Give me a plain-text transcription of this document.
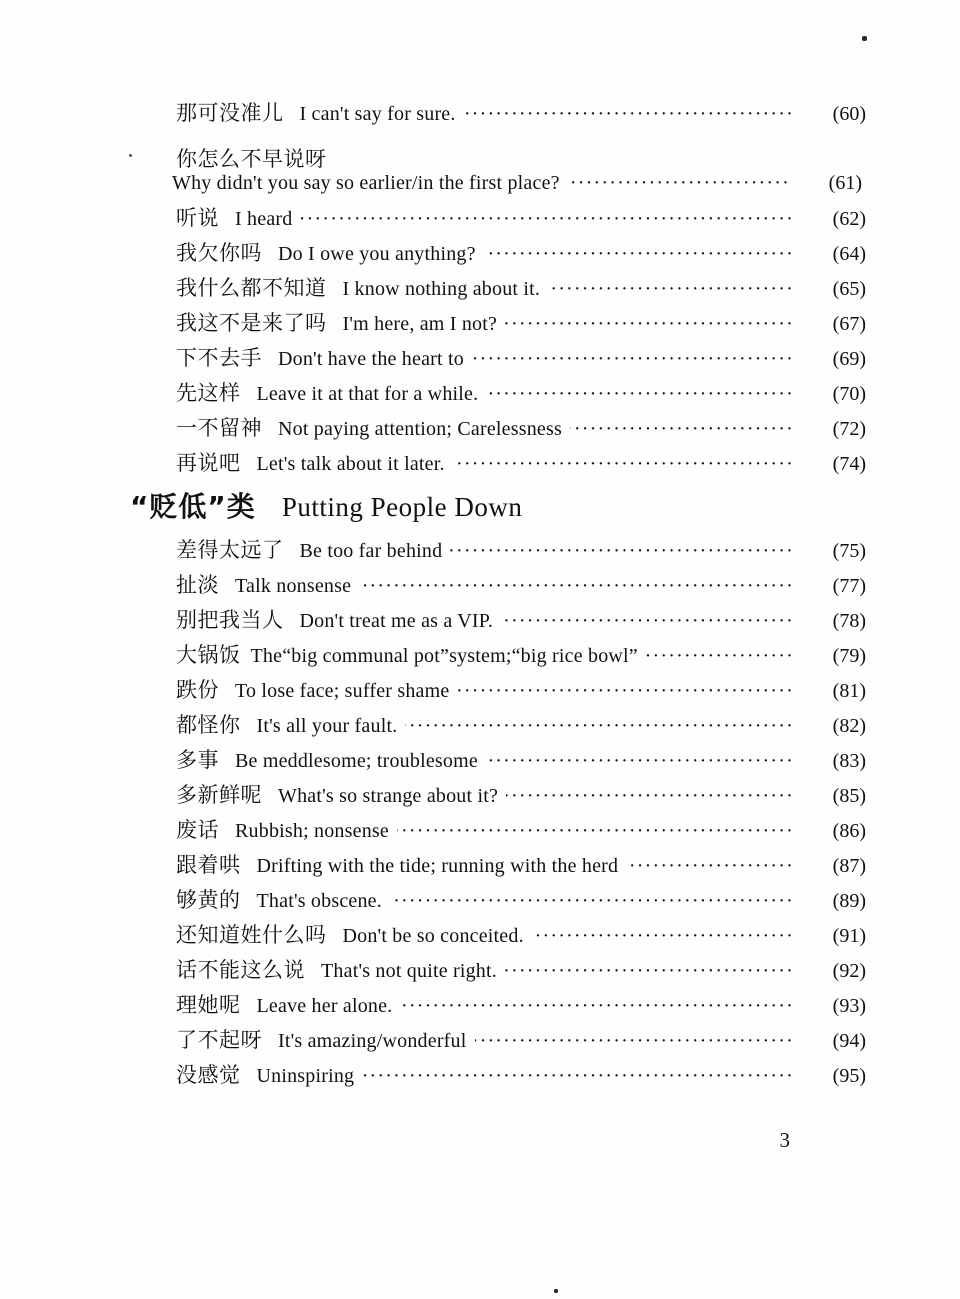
那可没准儿 I can't say for sure. ·····	(60)
你怎么不早说呀
Why didn't you say so earlier/in the first place? ·····	(61)
听说 I heard ·····	(62)
我欠你吗 Do I owe you anything? ·····	(64)
我什么都不知道 I know nothing about it. ·····	(65)
我这不是来了吗 I'm here, am I not? ·····	(67)
下不去手 Don't have the heart to ·····	(69)
先这样 Leave it at that for a while. ·····	(70)
一不留神 Not paying attention; Carelessness ·····	(72)
再说吧 Let's talk about it later. ·····	(74)
“贬低”类 Putting People Down
差得太远了 Be too far behind ·····	(75)
扯淡 Talk nonsense ·····	(77)
别把我当人 Don't treat me as a VIP. ·····	(78)
大锅饭 The“big communal pot”system;“big rice bowl” ·····	(79)
跌份 To lose face; suffer shame ·····	(81)
都怪你 It's all your fault. ·····	(82)
多事 Be meddlesome; troublesome ·····	(83)
多新鲜呢 What's so strange about it? ·····	(85)
废话 Rubbish; nonsense ·····	(86)
跟着哄 Drifting with the tide; running with the herd ·····	(87)
够黄的 That's obscene. ·····	(89)
还知道姓什么吗 Don't be so conceited. ·····	(91)
话不能这么说 That's not quite right. ·····	(92)
理她呢 Leave her alone. ·····	(93)
了不起呀 It's amazing/wonderful ·····	(94)
没感觉 Uninspiring ·····	(95)
3
